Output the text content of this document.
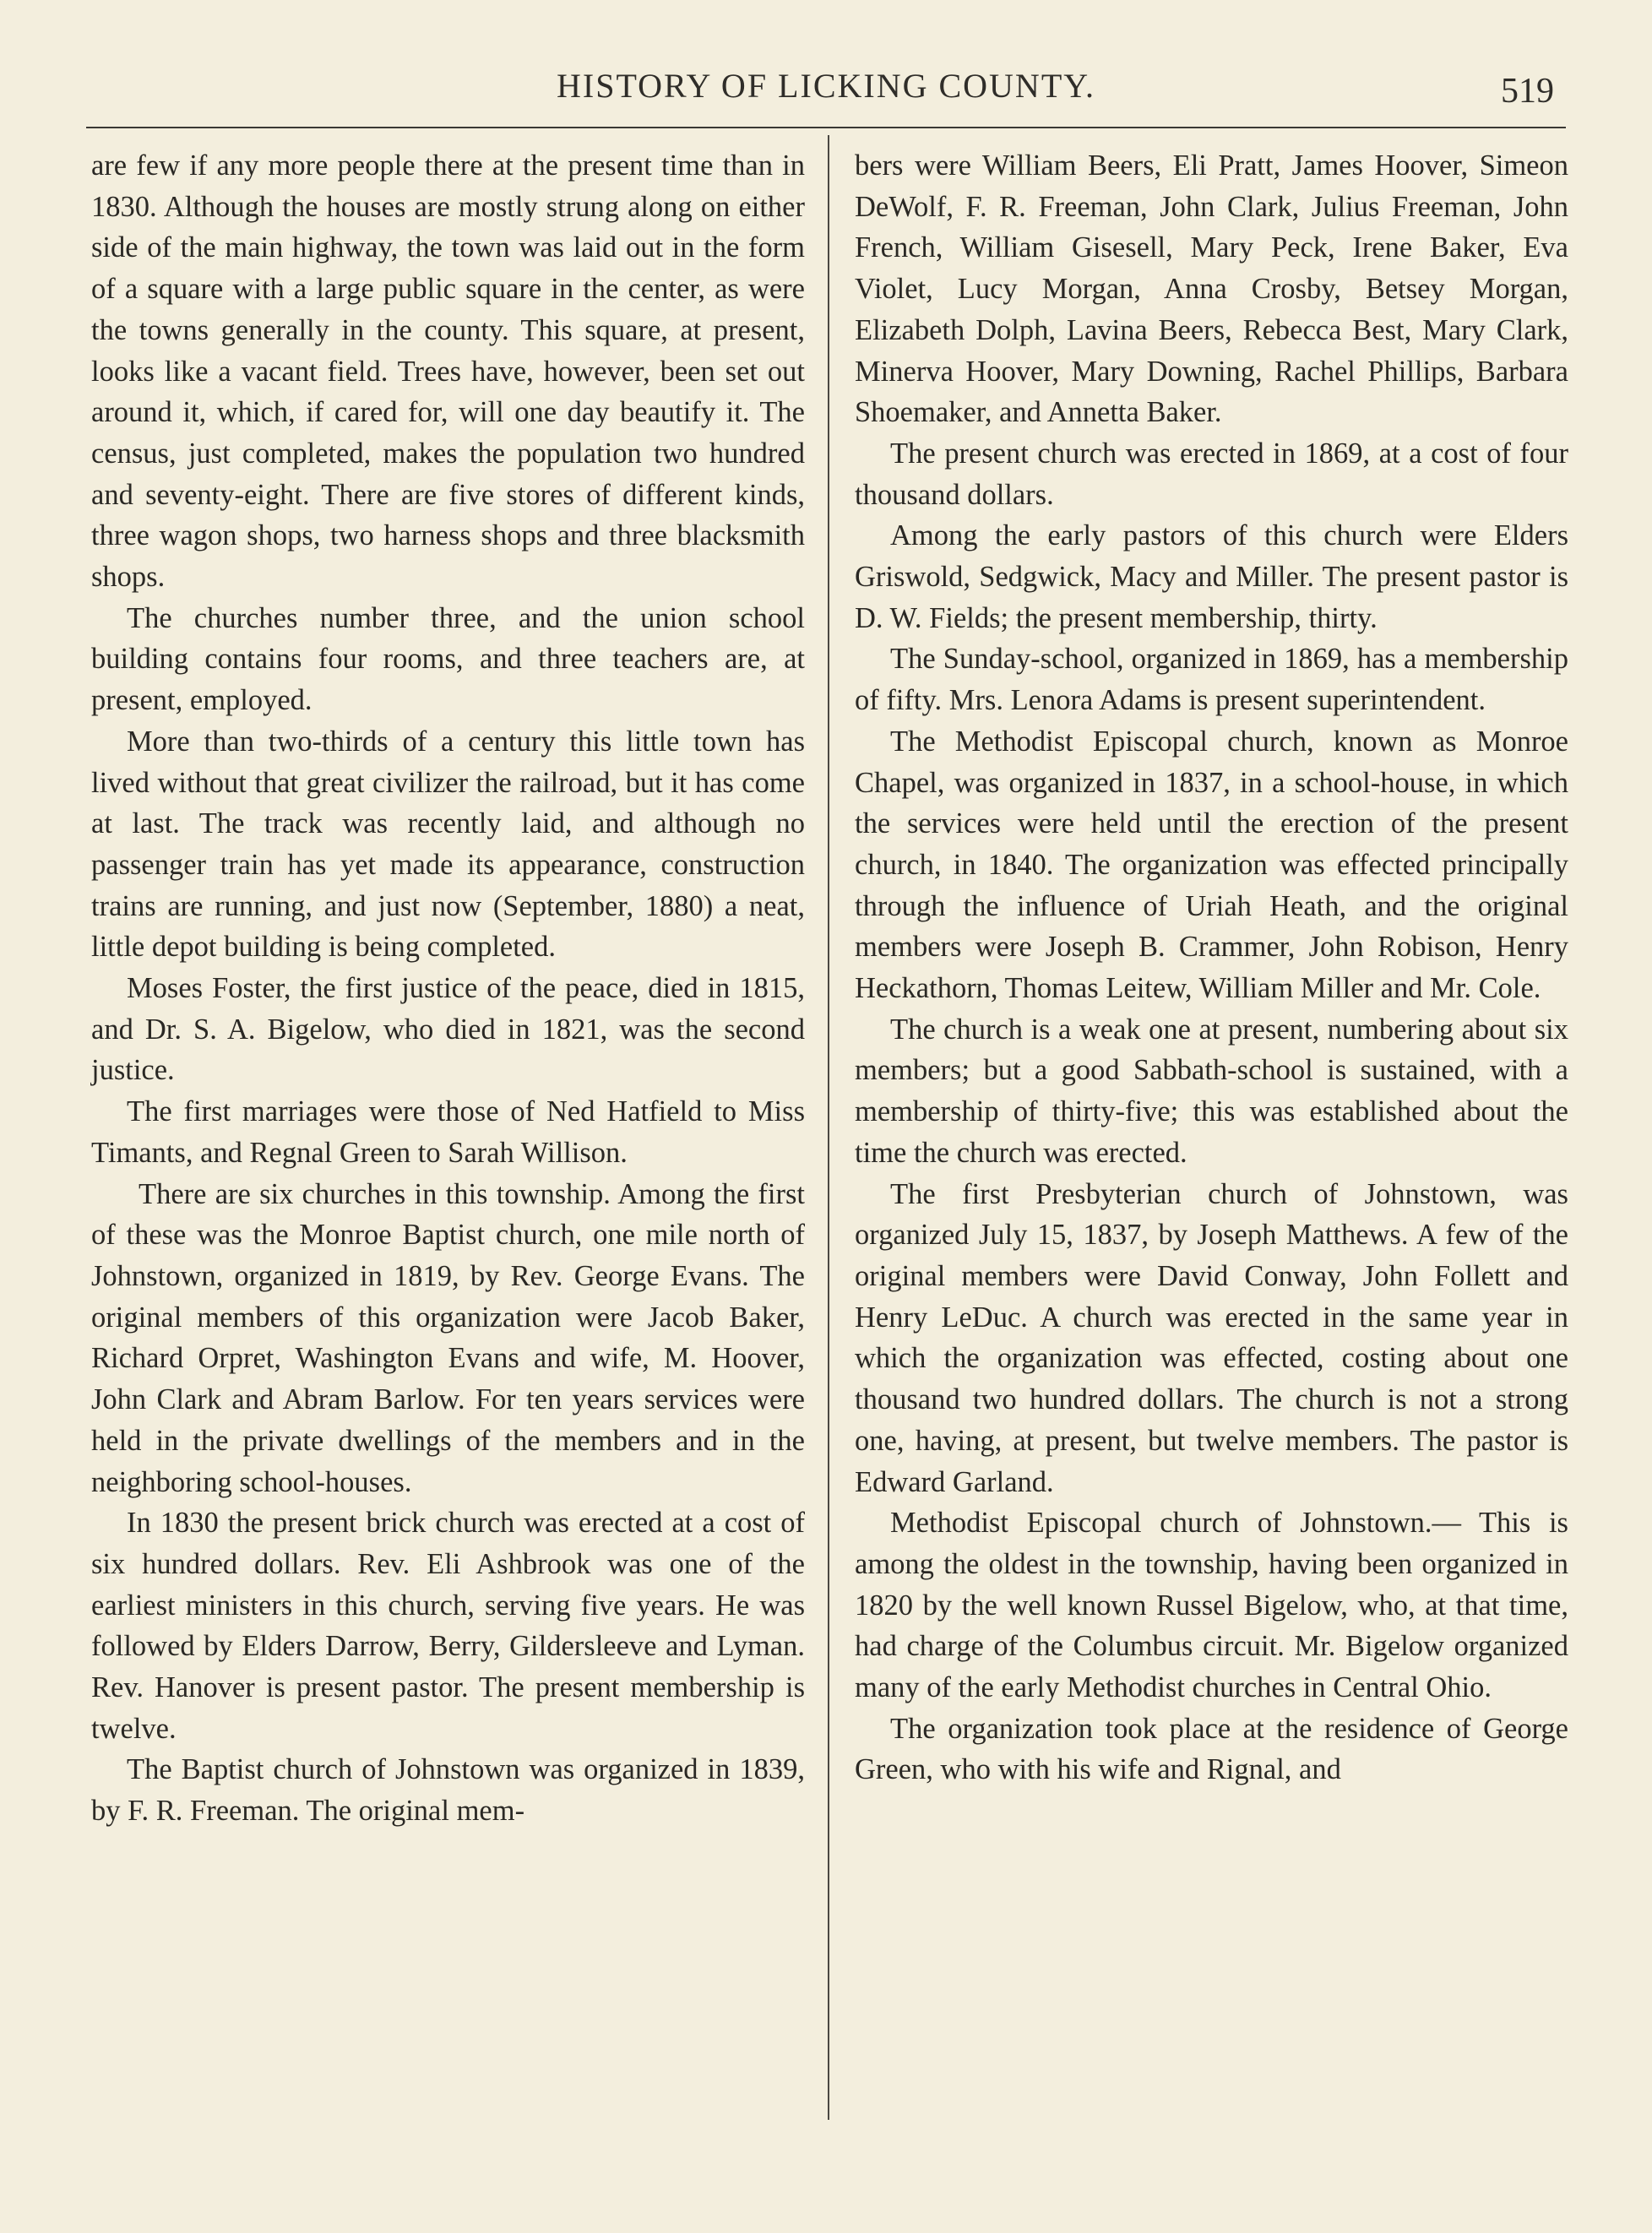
HISTORY OF LICKING COUNTY.	519

are few if any more people there at the present time than in 1830. Although the houses are mostly strung along on either side of the main highway, the town was laid out in the form of a square with a large public square in the center, as were the towns generally in the county. This square, at present, looks like a vacant field. Trees have, however, been set out around it, which, if cared for, will one day beautify it. The census, just completed, makes the population two hundred and seventy-eight. There are five stores of different kinds, three wagon shops, two harness shops and three blacksmith shops.

The churches number three, and the union school building contains four rooms, and three teachers are, at present, employed.

More than two-thirds of a century this little town has lived without that great civilizer the railroad, but it has come at last. The track was recently laid, and although no passenger train has yet made its appearance, construction trains are running, and just now (September, 1880) a neat, little depot building is being completed.

Moses Foster, the first justice of the peace, died in 1815, and Dr. S. A. Bigelow, who died in 1821, was the second justice.

The first marriages were those of Ned Hatfield to Miss Timants, and Regnal Green to Sarah Willison.

There are six churches in this township. Among the first of these was the Monroe Baptist church, one mile north of Johnstown, organized in 1819, by Rev. George Evans. The original members of this organization were Jacob Baker, Richard Orpret, Washington Evans and wife, M. Hoover, John Clark and Abram Barlow. For ten years services were held in the private dwellings of the members and in the neighboring school-houses.

In 1830 the present brick church was erected at a cost of six hundred dollars. Rev. Eli Ashbrook was one of the earliest ministers in this church, serving five years. He was followed by Elders Darrow, Berry, Gildersleeve and Lyman. Rev. Hanover is present pastor. The present membership is twelve.

The Baptist church of Johnstown was organized in 1839, by F. R. Freeman. The original mem-

bers were William Beers, Eli Pratt, James Hoover, Simeon DeWolf, F. R. Freeman, John Clark, Julius Freeman, John French, William Gisesell, Mary Peck, Irene Baker, Eva Violet, Lucy Morgan, Anna Crosby, Betsey Morgan, Elizabeth Dolph, Lavina Beers, Rebecca Best, Mary Clark, Minerva Hoover, Mary Downing, Rachel Phillips, Barbara Shoemaker, and Annetta Baker.

The present church was erected in 1869, at a cost of four thousand dollars.

Among the early pastors of this church were Elders Griswold, Sedgwick, Macy and Miller. The present pastor is D. W. Fields; the present membership, thirty.

The Sunday-school, organized in 1869, has a membership of fifty. Mrs. Lenora Adams is present superintendent.

The Methodist Episcopal church, known as Monroe Chapel, was organized in 1837, in a school-house, in which the services were held until the erection of the present church, in 1840. The organization was effected principally through the influence of Uriah Heath, and the original members were Joseph B. Crammer, John Robison, Henry Heckathorn, Thomas Leitew, William Miller and Mr. Cole.

The church is a weak one at present, numbering about six members; but a good Sabbath-school is sustained, with a membership of thirty-five; this was established about the time the church was erected.

The first Presbyterian church of Johnstown, was organized July 15, 1837, by Joseph Matthews. A few of the original members were David Conway, John Follett and Henry LeDuc. A church was erected in the same year in which the organization was effected, costing about one thousand two hundred dollars. The church is not a strong one, having, at present, but twelve members. The pastor is Edward Garland.

Methodist Episcopal church of Johnstown.— This is among the oldest in the township, having been organized in 1820 by the well known Russel Bigelow, who, at that time, had charge of the Columbus circuit. Mr. Bigelow organized many of the early Methodist churches in Central Ohio.

The organization took place at the residence of George Green, who with his wife and Rignal, and
